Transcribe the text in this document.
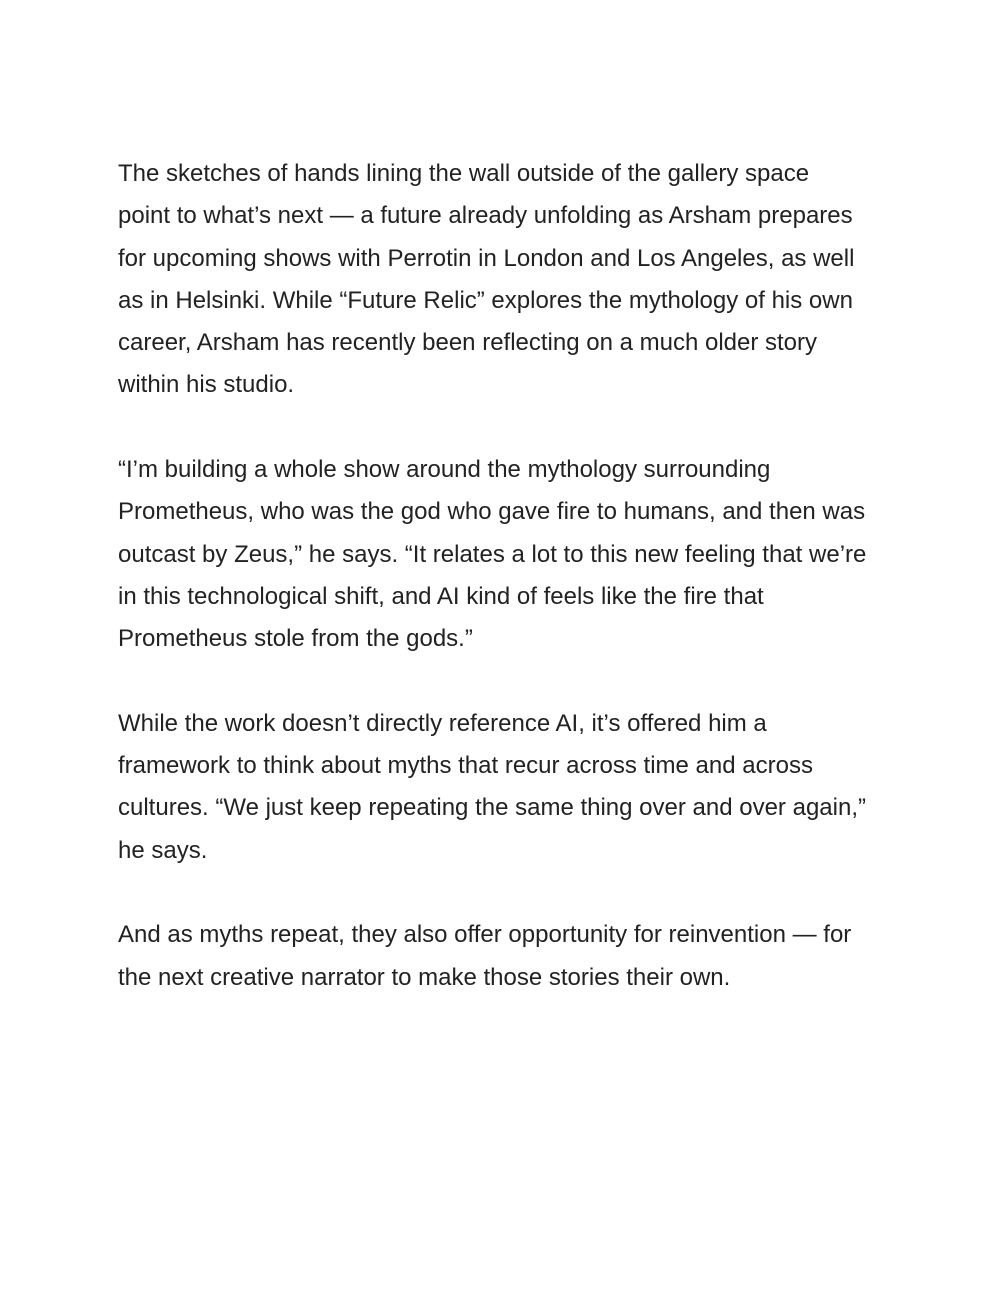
The sketches of hands lining the wall outside of the gallery space
point to what’s next — a future already unfolding as Arsham prepares
for upcoming shows with Perrotin in London and Los Angeles, as well
as in Helsinki. While “Future Relic” explores the mythology of his own
career, Arsham has recently been reflecting on a much older story
within his studio.

“I’m building a whole show around the mythology surrounding
Prometheus, who was the god who gave fire to humans, and then was
outcast by Zeus,” he says. “It relates a lot to this new feeling that we’re
in this technological shift, and AI kind of feels like the fire that
Prometheus stole from the gods.”

While the work doesn’t directly reference AI, it’s offered him a
framework to think about myths that recur across time and across
cultures. “We just keep repeating the same thing over and over again,”
he says.

And as myths repeat, they also offer opportunity for reinvention — for
the next creative narrator to make those stories their own.
